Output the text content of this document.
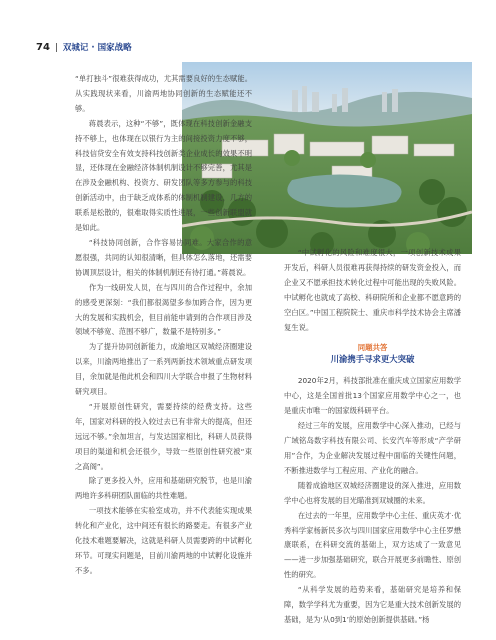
74 双城记 · 国家战略

“单打独斗”很难获得成功，尤其需要良好的生态赋能。从实践现状来看，川渝两地协同创新的生态赋能还不够。

蒋晨表示，这种“不够”，既体现在科技创新金融支持不够上，也体现在以银行为主的间接投资力度不够，科技信贷安全有效支持科技创新类企业成长的效果不明显，还体现在金融经济体制机制设计不够完善，尤其是在涉及金融机构、投资方、研发团队等多方参与的科技创新活动中，由于缺乏成体系的体制机制建设，几方的联系是松散的，很难取得实质性进展，一些创新联盟就是如此。

“科技协同创新，合作容易协同难。大家合作的意愿很强，共同的认知很清晰，但具体怎么落地，还需要协调顶层设计，相关的体制机制还有待打通。”蒋晨说。

作为一线研发人员，在与四川的合作过程中，余加的感受更深刻：“我们都很渴望多参加跨合作，因为更大的发展和实践机会，但目前能申请到的合作项目涉及领域不够宽、范围不够广，数量不是特别多。”

为了提升协同创新能力，成渝地区双城经济圈建设以来，川渝两地推出了一系列两新技术领域重点研发项目，余加就是他此机会和四川大学联合申报了生物材料研究项目。

“开展原创性研究，需要持续的经费支持。这些年，国家对科研的投入较过去已有非常大的提高，但还远远不够。”余加坦言，与发达国家相比，科研人员获得项目的渠道和机会还很少，导致一些原创性研究被“束之高阁”。

除了更多投入外，应用和基础研究脱节，也是川渝两地许多科研团队面临的共性难题。

一项技术能够在实验室成功，并不代表能实现成果转化和产业化，这中间还有很长的路要走。有很多产业化技术难题要解决，这就是科研人员需要跨的中试孵化环节。可现实问题是，目前川渝两地的中试孵化设施并不多。

“中试孵化的风险和难度很大，一项创新技术成果开发后，科研人员很难再获得持续的研发资金投入，而企业又不愿承担技术转化过程中可能出现的失败风险。中试孵化也就成了高校、科研院所和企业都不愿意跨的空白区。”中国工程院院士、重庆市科学技术协会主席潘复生说。

同题共答
川渝携手寻求更大突破

2020年2月，科技部批准在重庆成立国家应用数学中心，这是全国首批13个国家应用数学中心之一，也是重庆市唯一的国家级科研平台。

经过三年的发展，应用数学中心深入推动，已经与广域铭岛数字科技有限公司、长安汽车等形成“产学研用”合作，为企业解决发展过程中面临的关键性问题，不断推进数学与工程应用、产业化的融合。

随着成渝地区双城经济圈建设的深入推进，应用数学中心也将发展的目光瞄准到双城圈的未来。

在过去的一年里，应用数学中心主任、重庆英才·优秀科学家杨新民多次与四川国家应用数学中心主任罗懋康联系，在科研交流的基础上，双方达成了一致意见——进一步加强基础研究，联合开展更多前瞻性、原创性的研究。

“从科学发展的趋势来看，基础研究是培养和保障，数学学科尤为重要，因为它是重大技术创新发展的基础，是为‘从0到1’的原始创新提供基础。”杨
